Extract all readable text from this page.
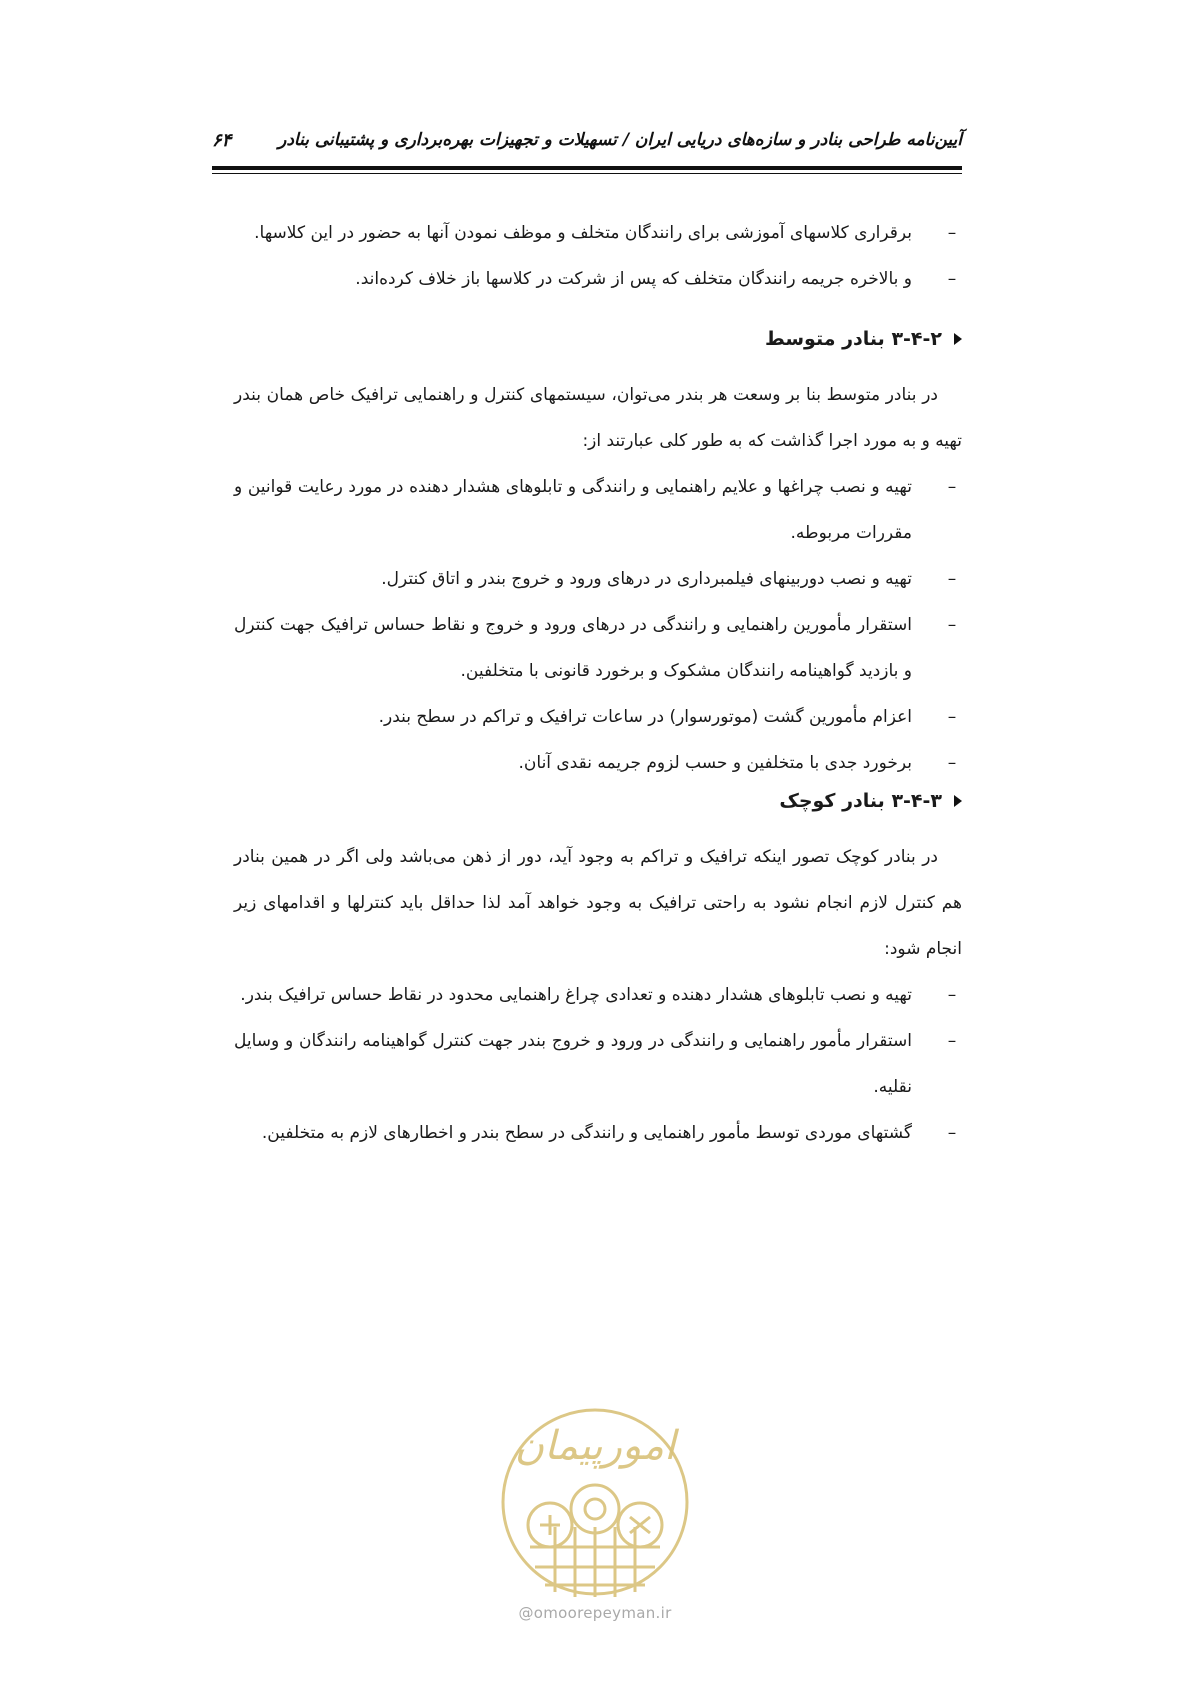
آیین‌نامه طراحی بنادر و سازه‌های دریایی ایران / تسهیلات و تجهیزات بهره‌برداری و پشتیبانی بنادر
۶۴
–
برقراری کلاسهای آموزشی برای رانندگان متخلف و موظف نمودن آنها به حضور در این کلاسها.
–
و بالاخره جریمه رانندگان متخلف که پس از شرکت در کلاسها باز خلاف کرده‌اند.
۳-۴-۲ بنادر متوسط

در بنادر متوسط بنا بر وسعت هر بندر می‌توان، سیستمهای کنترل و راهنمایی ترافیک خاص همان بندر تهیه و به مورد اجرا گذاشت که به طور کلی عبارتند از:

–
تهیه و نصب چراغها و علایم راهنمایی و رانندگی و تابلوهای هشدار دهنده در مورد رعایت قوانین و مقررات مربوطه.
–
تهیه و نصب دوربینهای فیلمبرداری در درهای ورود و خروج بندر و اتاق کنترل.
–
استقرار مأمورین راهنمایی و رانندگی در درهای ورود و خروج و نقاط حساس ترافیک جهت کنترل و بازدید گواهینامه رانندگان مشکوک و برخورد قانونی با متخلفین.
–
اعزام مأمورین گشت (موتورسوار) در ساعات ترافیک و تراکم در سطح بندر.
–
برخورد جدی با متخلفین و حسب لزوم جریمه نقدی آنان.
۳-۴-۳ بنادر کوچک

در بنادر کوچک تصور اینکه ترافیک و تراکم به وجود آید، دور از ذهن می‌باشد ولی اگر در همین بنادر هم کنترل لازم انجام نشود به راحتی ترافیک به وجود خواهد آمد لذا حداقل باید کنترلها و اقدامهای زیر انجام شود:

–
تهیه و نصب تابلوهای هشدار دهنده و تعدادی چراغ راهنمایی محدود در نقاط حساس ترافیک بندر.
–
استقرار مأمور راهنمایی و رانندگی در ورود و خروج بندر جهت کنترل گواهینامه رانندگان و وسایل نقلیه.
–
گشتهای موردی توسط مأمور راهنمایی و رانندگی در سطح بندر و اخطارهای لازم به متخلفین.
امورپیمان
@omoorepeyman.ir
